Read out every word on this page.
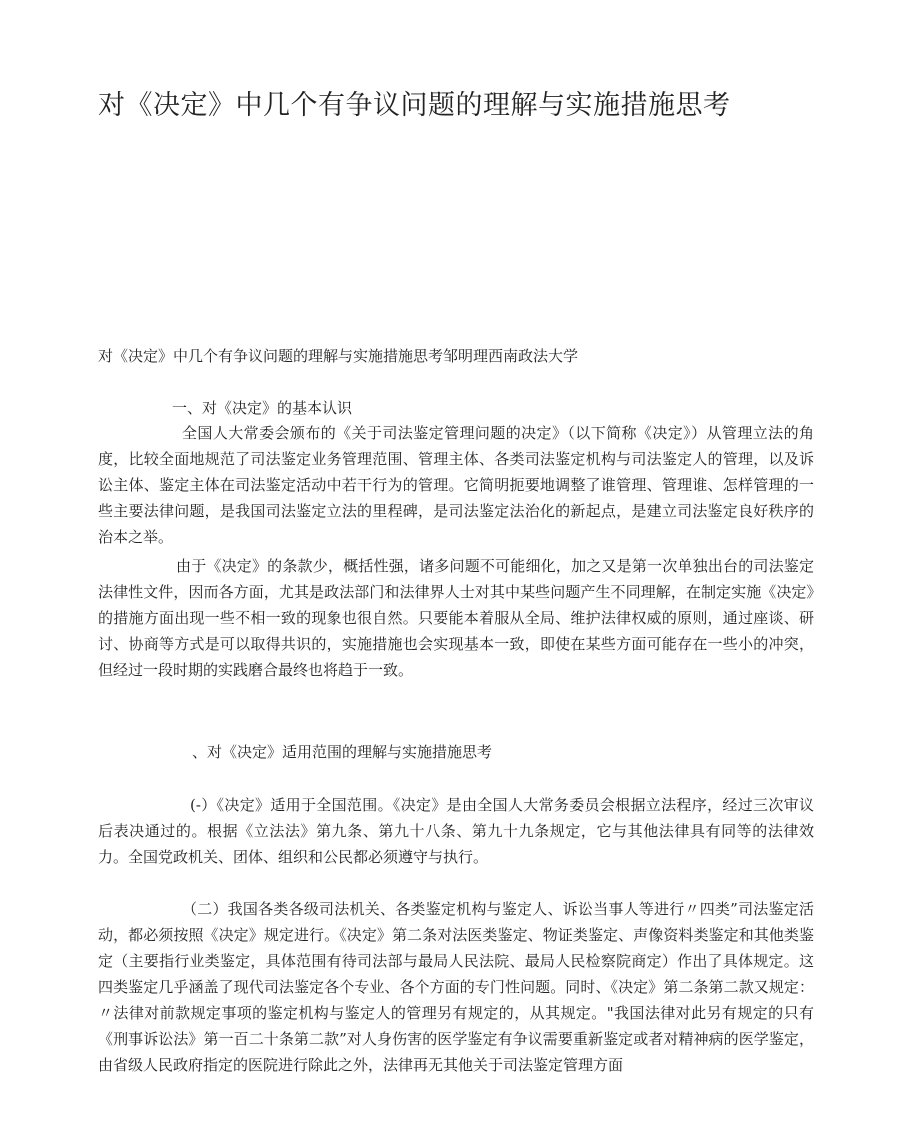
对《决定》中几个有争议问题的理解与实施措施思考

对《决定》中几个有争议问题的理解与实施措施思考邹明理西南政法大学

一、对《决定》的基本认识

全国人大常委会颁布的《关于司法鉴定管理问题的决定》（以下简称《决定》）从管理立法的角度，比较全面地规范了司法鉴定业务管理范围、管理主体、各类司法鉴定机构与司法鉴定人的管理，以及诉讼主体、鉴定主体在司法鉴定活动中若干行为的管理。它简明扼要地调整了谁管理、管理谁、怎样管理的一些主要法律问题，是我国司法鉴定立法的里程碑，是司法鉴定法治化的新起点，是建立司法鉴定良好秩序的治本之举。

由于《决定》的条款少，概括性强，诸多问题不可能细化，加之又是第一次单独出台的司法鉴定法律性文件，因而各方面，尤其是政法部门和法律界人士对其中某些问题产生不同理解，在制定实施《决定》的措施方面出现一些不相一致的现象也很自然。只要能本着服从全局、维护法律权威的原则，通过座谈、研讨、协商等方式是可以取得共识的，实施措施也会实现基本一致，即使在某些方面可能存在一些小的冲突，但经过一段时期的实践磨合最终也将趋于一致。

、对《决定》适用范围的理解与实施措施思考

(-）《决定》适用于全国范围。《决定》是由全国人大常务委员会根据立法程序，经过三次审议后表决通过的。根据《立法法》第九条、第九十八条、第九十九条规定，它与其他法律具有同等的法律效力。全国党政机关、团体、组织和公民都必须遵守与执行。

（二）我国各类各级司法机关、各类鉴定机构与鉴定人、诉讼当事人等进行〃四类”司法鉴定活动，都必须按照《决定》规定进行。《决定》第二条对法医类鉴定、物证类鉴定、声像资料类鉴定和其他类鉴定（主要指行业类鉴定，具体范围有待司法部与最局人民法院、最局人民检察院商定）作出了具体规定。这四类鉴定几乎涵盖了现代司法鉴定各个专业、各个方面的专门性问题。同时、《决定》第二条第二款又规定：〃法律对前款规定事项的鉴定机构与鉴定人的管理另有规定的，从其规定。"我国法律对此另有规定的只有《刑事诉讼法》第一百二十条第二款”对人身伤害的医学鉴定有争议需要重新鉴定或者对精神病的医学鉴定，由省级人民政府指定的医院进行除此之外，法律再无其他关于司法鉴定管理方面
